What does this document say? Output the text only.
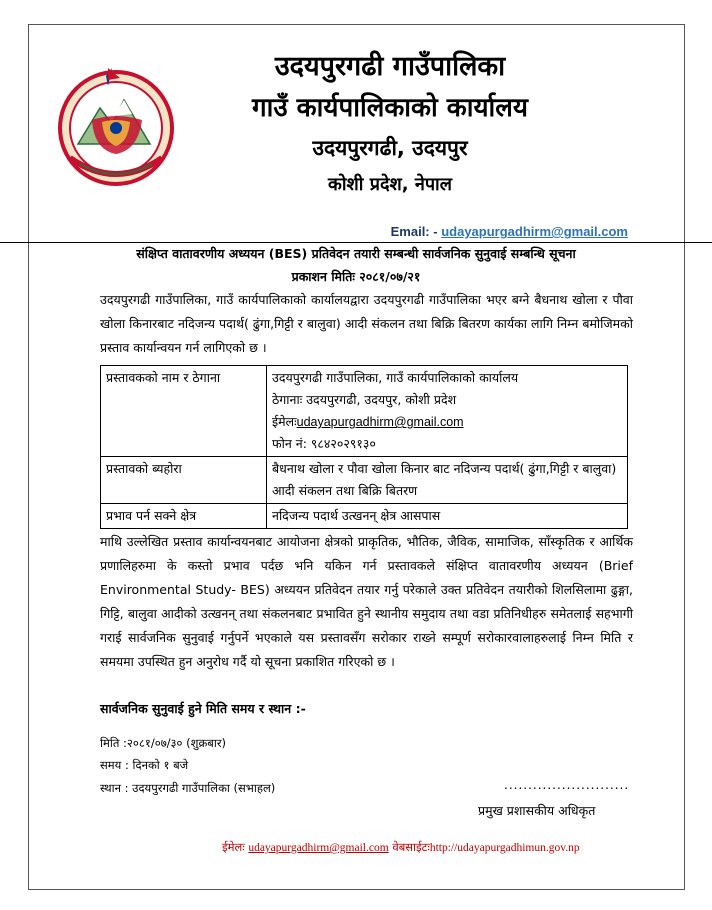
उदयपुरगढी गाउँपालिका
गाउँ कार्यपालिकाको कार्यालय
उदयपुरगढी, उदयपुर
कोशी प्रदेश, नेपाल
Email: - udayapurgadhirm@gmail.com
संक्षिप्त वातावरणीय अध्ययन (BES) प्रतिवेदन तयारी सम्बन्धी सार्वजनिक सुनुवाई सम्बन्धि सूचना
प्रकाशन मितिः २०८१/०७/२१
उदयपुरगढी गाउँपालिका, गाउँ कार्यपालिकाको कार्यालयद्वारा उदयपुरगढी गाउँपालिका भएर बग्ने बैधनाथ खोला र पौवा खोला किनारबाट नदिजन्य पदार्थ( ढुंगा,गिट्टी र बालुवा) आदी संकलन तथा बिक्रि बितरण कार्यका लागि निम्न बमोजिमको प्रस्ताव कार्यान्वयन गर्न लागिएको छ ।
प्रस्तावकको नाम र ठेगाना	उदयपुरगढी गाउँपालिका, गाउँ कार्यपालिकाको कार्यालय
ठेगानाः उदयपुरगढी, उदयपुर, कोशी प्रदेश
ईमेलःudayapurgadhirm@gmail.com
फोन नं: ९८४२०२९१३०

प्रस्तावको ब्यहोरा	बैधनाथ खोला र पौवा खोला किनार बाट नदिजन्य पदार्थ( ढुंगा,गिट्टी र बालुवा) आदी संकलन तथा बिक्रि बितरण
प्रभाव पर्न सक्ने क्षेत्र	नदिजन्य पदार्थ उत्खनन् क्षेत्र आसपास
माथि उल्लेखित प्रस्ताव कार्यान्वयनबाट आयोजना क्षेत्रको प्राकृतिक, भौतिक, जैविक, सामाजिक, साँस्कृतिक र आर्थिक प्रणालिहरुमा के कस्तो प्रभाव पर्दछ भनि यकिन गर्न प्रस्तावकले संक्षिप्त वातावरणीय अध्ययन (Brief Environmental Study- BES) अध्ययन प्रतिवेदन तयार गर्नु परेकाले उक्त प्रतिवेदन तयारीको शिलसिलामा ढुङ्गा, गिट्टि, बालुवा आदीको उत्खनन् तथा संकलनबाट प्रभावित हुने स्थानीय समुदाय तथा वडा प्रतिनिधीहरु समेतलाई सहभागी गराई सार्वजनिक सुनुवाई गर्नुपर्ने भएकाले यस प्रस्तावसँग सरोकार राख्ने सम्पूर्ण सरोकारवालाहरुलाई निम्न मिति र समयमा उपस्थित हुन अनुरोध गर्दै यो सूचना प्रकाशित गरिएको छ ।
सार्वजनिक सुनुवाई हुने मिति समय र स्थान :-
मिति :२०८१/०७/३० (शुक्रबार)
समय : दिनको १ बजे
स्थान : उदयपुरगढी गाउँपालिका (सभाहल)	..........................
प्रमुख प्रशासकीय अधिकृत
ईमेलः udayapurgadhirm@gmail.com वेबसाईटःhttp://udayapurgadhimun.gov.np
